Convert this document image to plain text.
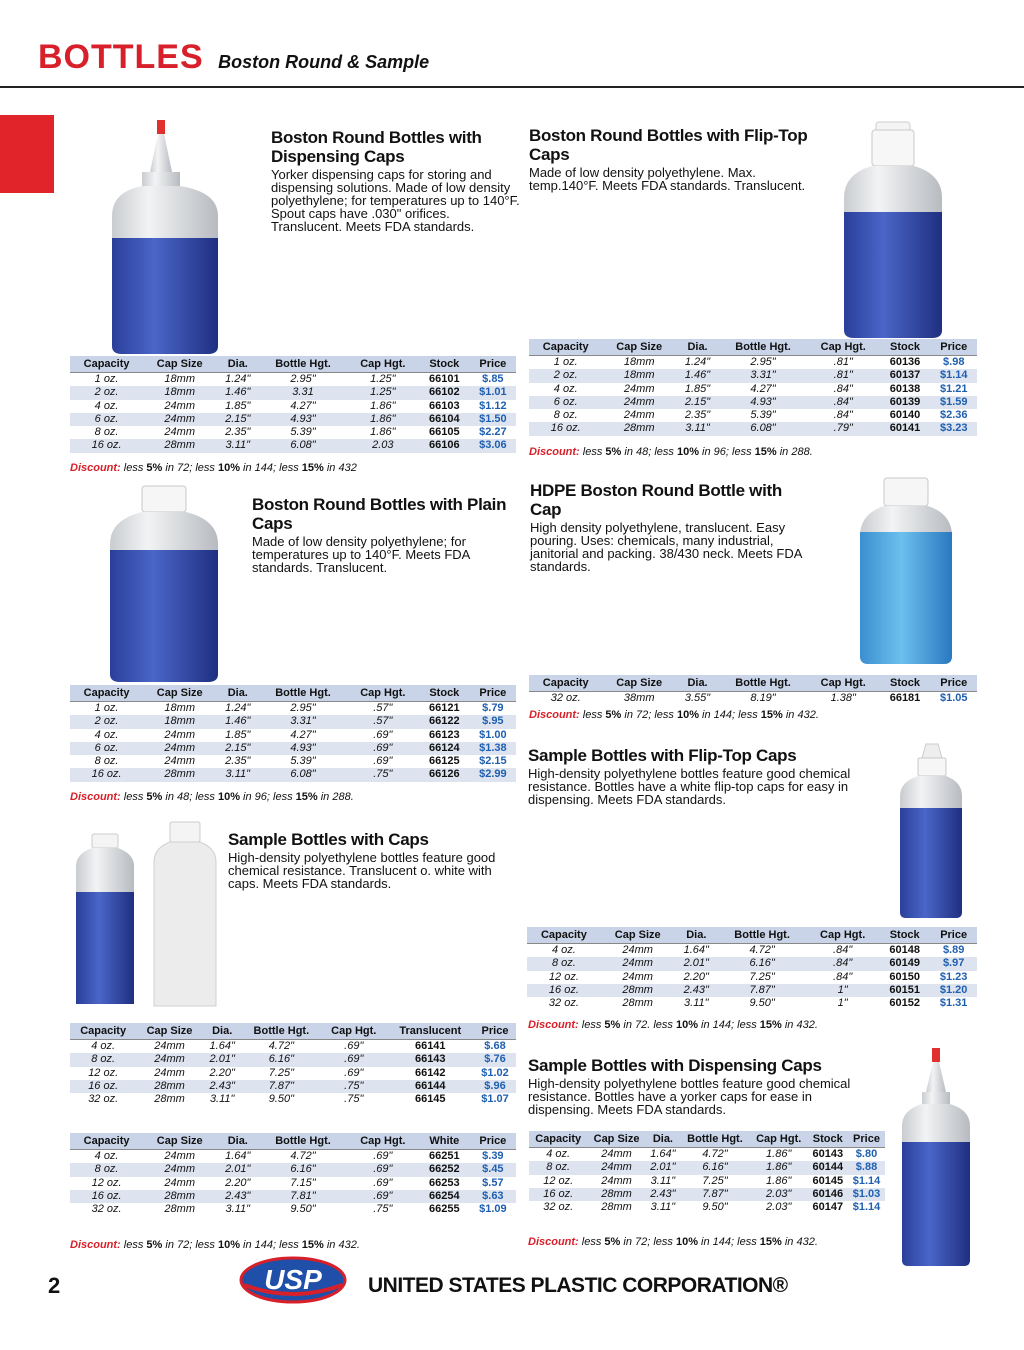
BOTTLES Boston Round & Sample
Boston Round Bottles with Dispensing Caps

Yorker dispensing caps for storing and dispensing solutions. Made of low density polyethylene; for temperatures up to 140°F. Spout caps have .030" orifices. Translucent. Meets FDA standards.

Capacity	Cap Size	Dia.	Bottle Hgt.	Cap Hgt.	Stock	Price
1 oz.	18mm	1.24"	2.95"	1.25"	66101	$.85
2 oz.	18mm	1.46"	3.31	1.25"	66102	$1.01
4 oz.	24mm	1.85"	4.27"	1.86"	66103	$1.12
6 oz.	24mm	2.15"	4.93"	1.86"	66104	$1.50
8 oz.	24mm	2.35"	5.39"	1.86"	66105	$2.27
16 oz.	28mm	3.11"	6.08"	2.03	66106	$3.06
Discount: less 5% in 72; less 10% in 144; less 15% in 432
Boston Round Bottles with Flip-Top Caps

Made of low density polyethylene. Max. temp.140°F. Meets FDA standards. Translucent.

Capacity	Cap Size	Dia.	Bottle Hgt.	Cap Hgt.	Stock	Price
1 oz.	18mm	1.24"	2.95"	.81"	60136	$.98
2 oz.	18mm	1.46"	3.31"	.81"	60137	$1.14
4 oz.	24mm	1.85"	4.27"	.84"	60138	$1.21
6 oz.	24mm	2.15"	4.93"	.84"	60139	$1.59
8 oz.	24mm	2.35"	5.39"	.84"	60140	$2.36
16 oz.	28mm	3.11"	6.08"	.79"	60141	$3.23
Discount: less 5% in 48; less 10% in 96; less 15% in 288.
Boston Round Bottles with Plain Caps

Made of low density polyethylene; for temperatures up to 140°F. Meets FDA standards. Translucent.

Capacity	Cap Size	Dia.	Bottle Hgt.	Cap Hgt.	Stock	Price
1 oz.	18mm	1.24"	2.95"	.57"	66121	$.79
2 oz.	18mm	1.46"	3.31"	.57"	66122	$.95
4 oz.	24mm	1.85"	4.27"	.69"	66123	$1.00
6 oz.	24mm	2.15"	4.93"	.69"	66124	$1.38
8 oz.	24mm	2.35"	5.39"	.69"	66125	$2.15
16 oz.	28mm	3.11"	6.08"	.75"	66126	$2.99
Discount: less 5% in 48; less 10% in 96; less 15% in 288.
HDPE Boston Round Bottle with Cap

High density polyethylene, translucent. Easy pouring. Uses: chemicals, many industrial, janitorial and packing. 38/430 neck. Meets FDA standards.

Capacity	Cap Size	Dia.	Bottle Hgt.	Cap Hgt.	Stock	Price
32 oz.	38mm	3.55"	8.19"	1.38"	66181	$1.05
Discount: less 5% in 72; less 10% in 144; less 15% in 432.
Sample Bottles with Flip-Top Caps

High-density polyethylene bottles feature good chemical resistance. Bottles have a white flip-top caps for easy in dispensing. Meets FDA standards.

Capacity	Cap Size	Dia.	Bottle Hgt.	Cap Hgt.	Stock	Price
4 oz.	24mm	1.64"	4.72"	.84"	60148	$.89
8 oz.	24mm	2.01"	6.16"	.84"	60149	$.97
12 oz.	24mm	2.20"	7.25"	.84"	60150	$1.23
16 oz.	28mm	2.43"	7.87"	1"	60151	$1.20
32 oz.	28mm	3.11"	9.50"	1"	60152	$1.31
Discount: less 5% in 72. less 10% in 144; less 15% in 432.
Sample Bottles with Caps

High-density polyethylene bottles feature good chemical resistance. Translucent o. white with caps. Meets FDA standards.

Capacity	Cap Size	Dia.	Bottle Hgt.	Cap Hgt.	Translucent	Price
4 oz.	24mm	1.64"	4.72"	.69"	66141	$.68
8 oz.	24mm	2.01"	6.16"	.69"	66143	$.76
12 oz.	24mm	2.20"	7.25"	.69"	66142	$1.02
16 oz.	28mm	2.43"	7.87"	.75"	66144	$.96
32 oz.	28mm	3.11"	9.50"	.75"	66145	$1.07
Capacity	Cap Size	Dia.	Bottle Hgt.	Cap Hgt.	White	Price
4 oz.	24mm	1.64"	4.72"	.69"	66251	$.39
8 oz.	24mm	2.01"	6.16"	.69"	66252	$.45
12 oz.	24mm	2.20"	7.15"	.69"	66253	$.57
16 oz.	28mm	2.43"	7.81"	.69"	66254	$.63
32 oz.	28mm	3.11"	9.50"	.75"	66255	$1.09
Discount: less 5% in 72; less 10% in 144; less 15% in 432.
Sample Bottles with Dispensing Caps

High-density polyethylene bottles feature good chemical resistance. Bottles have a yorker caps for ease in dispensing. Meets FDA standards.

Capacity	Cap Size	Dia.	Bottle Hgt.	Cap Hgt.	Stock	Price
4 oz.	24mm	1.64"	4.72"	1.86"	60143	$.80
8 oz.	24mm	2.01"	6.16"	1.86"	60144	$.88
12 oz.	24mm	3.11"	7.25"	1.86"	60145	$1.14
16 oz.	28mm	2.43"	7.87"	2.03"	60146	$1.03
32 oz.	28mm	3.11"	9.50"	2.03"	60147	$1.14
Discount: less 5% in 72; less 10% in 144; less 15% in 432.
2	USP UNITED STATES PLASTIC CORPORATION®
